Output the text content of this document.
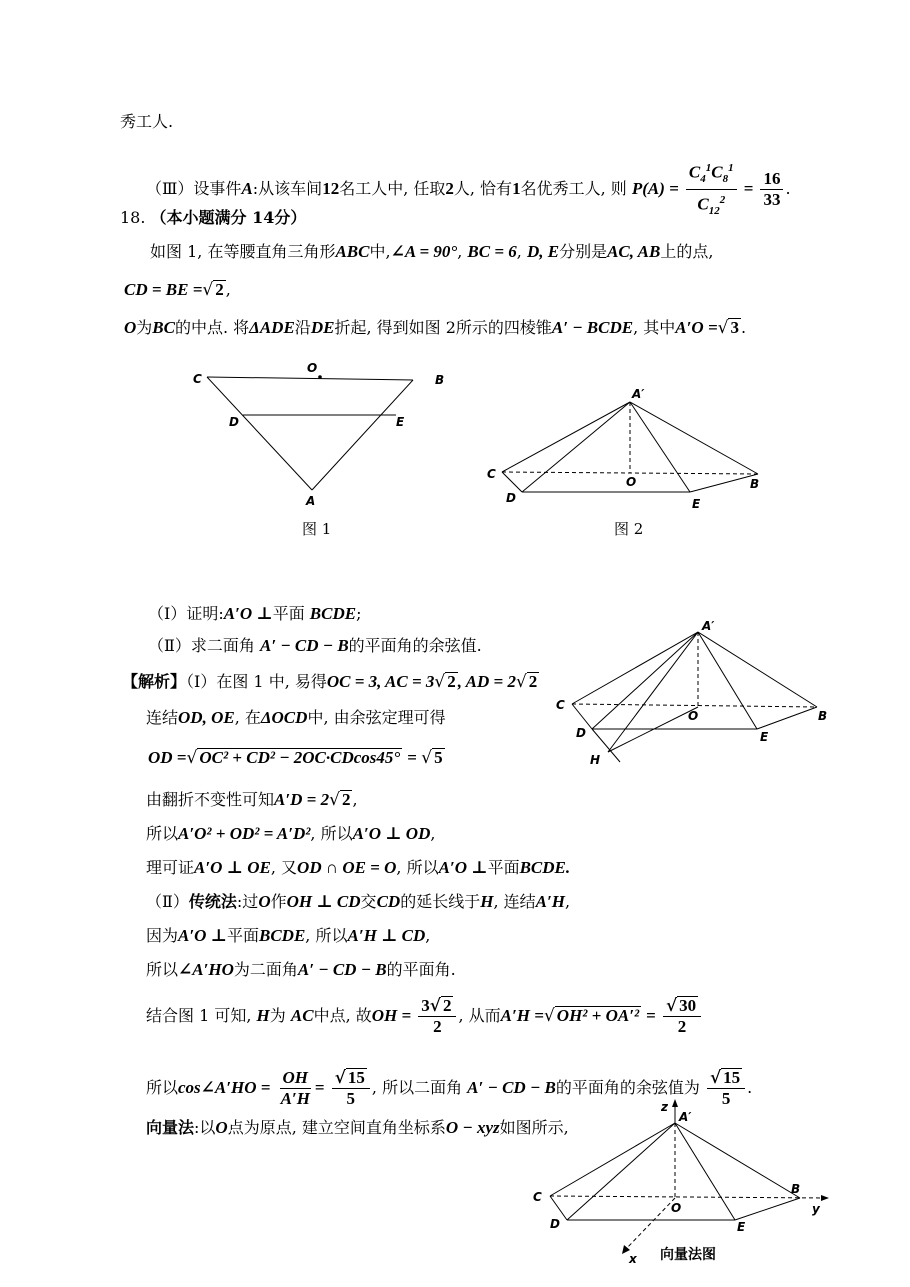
秀工人.
（Ⅲ）设事件A:从该车间12名工人中, 任取2人, 恰有1名优秀工人, 则 $P(A) = \frac{C_4^1C_8^1}{C_{12}^2} = \frac{16}{33}$ .
18. （本小题满分 14分）
如图 1, 在等腰直角三角形ABC中,∠A = 90°, BC = 6, D, E分别是AC, AB上的点,
CD = BE =√ 2 ,
O为BC的中点. 将ΔADE沿DE折起, 得到如图 2所示的四棱锥A′ − BCDE, 其中A′O =√ 3 .
C
O
B
D	E
A
图 1
A′
C
O	B
D	E
图 2
（Ⅰ）证明:A′O ⊥平面 BCDE;
（Ⅱ）求二面角 A′ − CD − B的平面角的余弦值.
A′
C
O	B
D	E
H
【解析】（Ⅰ）在图 1 中, 易得OC = 3, AC = 3√ 2 , AD = 2√ 2
连结OD, OE, 在ΔOCD中, 由余弦定理可得
OD =√ OC² + CD² − 2OC·CDcos45° = √ 5
由翻折不变性可知A′D = 2√ 2 ,
所以A′O² + OD² = A′D², 所以A′O ⊥ OD,
理可证A′O ⊥ OE, 又OD ∩ OE = O, 所以A′O ⊥平面BCDE.
（Ⅱ）传统法:过O作OH ⊥ CD交CD的延长线于H, 连结A′H,
因为A′O ⊥平面BCDE, 所以A′H ⊥ CD,
所以∠A′HO为二面角A′ − CD − B的平面角.
结合图 1 可知, H为 AC中点, 故OH = $\frac{3√ 2}{2}$ , 从而A′H =√ $OH^2 + OA'^2 = \frac{√ 30}{2}$
所以cos∠A′HO = $\frac{OH}{A'H} = \frac{√ 15}{5}$ , 所以二面角 A′ − CD − B的平面角的余弦值为 $\frac{√ 15}{5}$ .
向量法:以O点为原点, 建立空间直角坐标系O − xyz如图所示,
z
A′
C
O
B
y
D	E
x 向量法图
